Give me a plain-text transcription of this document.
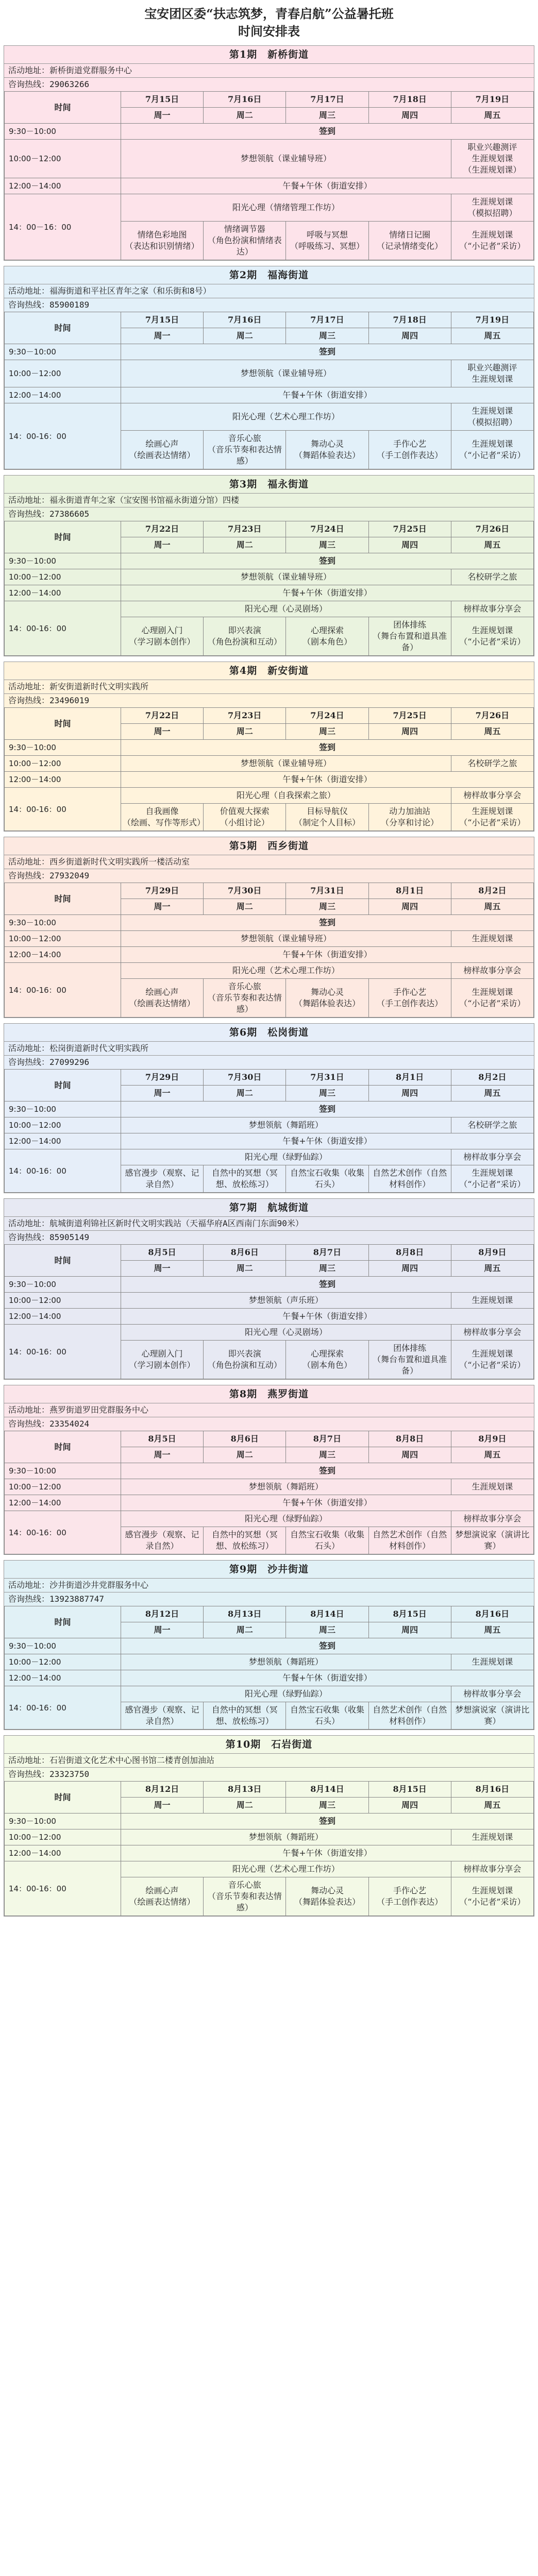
宝安团区委“扶志筑梦，青春启航”公益暑托班
时间安排表
第1期　新桥街道
活动地址：新桥街道党群服务中心
咨询热线：29063266
时间	7月15日	7月16日	7月17日	7月18日	7月19日
	周一	周二	周三	周四	周五
9:30－10:00	签到				
10:00－12:00	梦想领航（课业辅导班）				职业兴趣测评
生涯规划课
（生涯规划课）
12:00－14:00	午餐+午休（街道安排）				
14：00－16：00	阳光心理（情绪管理工作坊）				生涯规划课
（模拟招聘）
	情绪色彩地图
（表达和识别情绪）	情绪调节器
（角色扮演和情绪表达）	呼吸与冥想
（呼吸练习、冥想）	情绪日记圈
（记录情绪变化）	生涯规划课
（“小记者”采访）
第2期　福海街道
活动地址：福海街道和平社区青年之家（和乐街和8号）
咨询热线：85900189
时间	7月15日	7月16日	7月17日	7月18日	7月19日
	周一	周二	周三	周四	周五
9:30－10:00	签到				
10:00－12:00	梦想领航（课业辅导班）				职业兴趣测评
生涯规划课
12:00－14:00	午餐+午休（街道安排）				
14：00-16：00	阳光心理（艺术心理工作坊）				生涯规划课
（模拟招聘）
	绘画心声
（绘画表达情绪）	音乐心旅
（音乐节奏和表达情感）	舞动心灵
（舞蹈体验表达）	手作心艺
（手工创作表达）	生涯规划课
（“小记者”采访）
第3期　福永街道
活动地址：福永街道青年之家（宝安图书馆福永街道分馆）四楼
咨询热线：27386605
时间	7月22日	7月23日	7月24日	7月25日	7月26日
	周一	周二	周三	周四	周五
9:30－10:00	签到				
10:00－12:00	梦想领航（课业辅导班）				名校研学之旅
12:00－14:00	午餐+午休（街道安排）				
14：00-16：00	阳光心理（心灵剧场）				榜样故事分享会
	心理剧入门
（学习剧本创作）	即兴表演
（角色扮演和互动）	心理探索
（剧本角色）	团体排练
（舞台布置和道具准备）	生涯规划课
（“小记者”采访）
第4期　新安街道
活动地址：新安街道新时代文明实践所
咨询热线：23496019
时间	7月22日	7月23日	7月24日	7月25日	7月26日
	周一	周二	周三	周四	周五
9:30－10:00	签到				
10:00－12:00	梦想领航（课业辅导班）				名校研学之旅
12:00－14:00	午餐+午休（街道安排）				
14：00-16：00	阳光心理（自我探索之旅）				榜样故事分享会
	自我画像
（绘画、写作等形式）	价值观大探索
（小组讨论）	目标导航仪
（制定个人目标）	动力加油站
（分享和讨论）	生涯规划课
（“小记者”采访）
第5期　西乡街道
活动地址：西乡街道新时代文明实践所一楼活动室
咨询热线：27932049
时间	7月29日	7月30日	7月31日	8月1日	8月2日
	周一	周二	周三	周四	周五
9:30－10:00	签到				
10:00－12:00	梦想领航（课业辅导班）				生涯规划课
12:00－14:00	午餐+午休（街道安排）				
14：00-16：00	阳光心理（艺术心理工作坊）				榜样故事分享会
	绘画心声
（绘画表达情绪）	音乐心旅
（音乐节奏和表达情感）	舞动心灵
（舞蹈体验表达）	手作心艺
（手工创作表达）	生涯规划课
（“小记者”采访）
第6期　松岗街道
活动地址：松岗街道新时代文明实践所
咨询热线：27099296
时间	7月29日	7月30日	7月31日	8月1日	8月2日
	周一	周二	周三	周四	周五
9:30－10:00	签到				
10:00－12:00	梦想领航（舞蹈班）				名校研学之旅
12:00－14:00	午餐+午休（街道安排）				
14：00-16：00	阳光心理（绿野仙踪）				榜样故事分享会
	感官漫步（观察、记录自然）	自然中的冥想（冥想、放松练习）	自然宝石收集（收集石头）	自然艺术创作（自然材料创作）	生涯规划课
（“小记者”采访）
第7期　航城街道
活动地址：航城街道利锦社区新时代文明实践站（天福华府A区西南门东面90米）
咨询热线：85905149
时间	8月5日	8月6日	8月7日	8月8日	8月9日
	周一	周二	周三	周四	周五
9:30－10:00	签到				
10:00－12:00	梦想领航（声乐班）				生涯规划课
12:00－14:00	午餐+午休（街道安排）				
14：00-16：00	阳光心理（心灵剧场）				榜样故事分享会
	心理剧入门
（学习剧本创作）	即兴表演
（角色扮演和互动）	心理探索
（剧本角色）	团体排练
（舞台布置和道具准备）	生涯规划课
（“小记者”采访）
第8期　燕罗街道
活动地址：燕罗街道罗田党群服务中心
咨询热线：23354024
时间	8月5日	8月6日	8月7日	8月8日	8月9日
	周一	周二	周三	周四	周五
9:30－10:00	签到				
10:00－12:00	梦想领航（舞蹈班）				生涯规划课
12:00－14:00	午餐+午休（街道安排）				
14：00-16：00	阳光心理（绿野仙踪）				榜样故事分享会
	感官漫步（观察、记录自然）	自然中的冥想（冥想、放松练习）	自然宝石收集（收集石头）	自然艺术创作（自然材料创作）	梦想演说家（演讲比赛）
第9期　沙井街道
活动地址：沙井街道沙井党群服务中心
咨询热线：13923887747
时间	8月12日	8月13日	8月14日	8月15日	8月16日
	周一	周二	周三	周四	周五
9:30－10:00	签到				
10:00－12:00	梦想领航（舞蹈班）				生涯规划课
12:00－14:00	午餐+午休（街道安排）				
14：00-16：00	阳光心理（绿野仙踪）				榜样故事分享会
	感官漫步（观察、记录自然）	自然中的冥想（冥想、放松练习）	自然宝石收集（收集石头）	自然艺术创作（自然材料创作）	梦想演说家（演讲比赛）
第10期　石岩街道
活动地址：石岩街道文化艺术中心图书馆二楼青创加油站
咨询热线：23323750
时间	8月12日	8月13日	8月14日	8月15日	8月16日
	周一	周二	周三	周四	周五
9:30－10:00	签到				
10:00－12:00	梦想领航（舞蹈班）				生涯规划课
12:00－14:00	午餐+午休（街道安排）				
14：00-16：00	阳光心理（艺术心理工作坊）				榜样故事分享会
	绘画心声
（绘画表达情绪）	音乐心旅
（音乐节奏和表达情感）	舞动心灵
（舞蹈体验表达）	手作心艺
（手工创作表达）	生涯规划课
（“小记者”采访）
